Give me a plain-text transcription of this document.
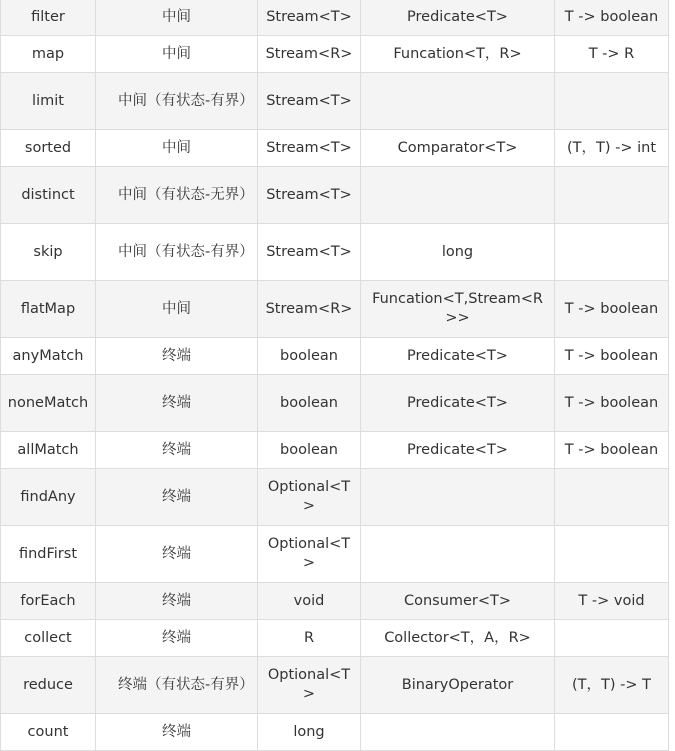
filter	中间	Stream<T>	Predicate<T>	T -> boolean
map	中间	Stream<R>	Funcation<T，R>	T -> R
limit	中间（有状态-有界）	Stream<T>		
sorted	中间	Stream<T>	Comparator<T>	(T，T) -> int
distinct	中间（有状态-无界）	Stream<T>		
skip	中间（有状态-有界）	Stream<T>	long	
flatMap	中间	Stream<R>	Funcation<T,Stream<R>>	T -> boolean
anyMatch	终端	boolean	Predicate<T>	T -> boolean
noneMatch	终端	boolean	Predicate<T>	T -> boolean
allMatch	终端	boolean	Predicate<T>	T -> boolean
findAny	终端	Optional<T>		
findFirst	终端	Optional<T>		
forEach	终端	void	Consumer<T>	T -> void
collect	终端	R	Collector<T，A，R>	
reduce	终端（有状态-有界）	Optional<T>	BinaryOperator	(T，T) -> T
count	终端	long		
